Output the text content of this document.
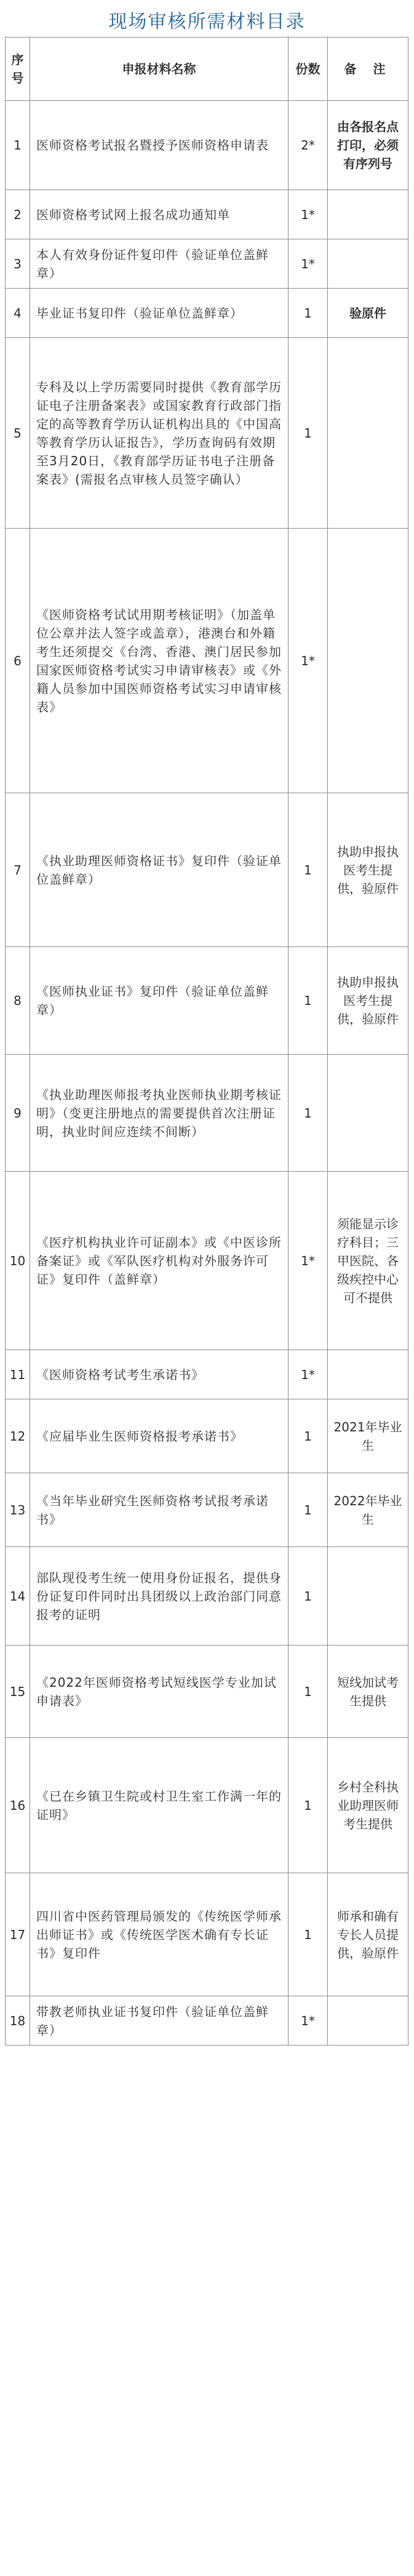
现场审核所需材料目录
序号	申报材料名称	份数	备 注
1	医师资格考试报名暨授予医师资格申请表	2*	由各报名点打印，必须有序列号
2	医师资格考试网上报名成功通知单	1*	
3	本人有效身份证件复印件（验证单位盖鲜章）	1*	
4	毕业证书复印件（验证单位盖鲜章）	1	验原件
5	专科及以上学历需要同时提供《教育部学历证电子注册备案表》或国家教育行政部门指定的高等教育学历认证机构出具的《中国高等教育学历认证报告》，学历查询码有效期至3月20日，《教育部学历证书电子注册备案表》(需报名点审核人员签字确认）	1	
6	《医师资格考试试用期考核证明》（加盖单位公章并法人签字或盖章），港澳台和外籍考生还须提交《台湾、香港、澳门居民参加国家医师资格考试实习申请审核表》或《外籍人员参加中国医师资格考试实习申请审核表》	1*	
7	《执业助理医师资格证书》复印件（验证单位盖鲜章）	1	执助申报执医考生提供，验原件
8	《医师执业证书》复印件（验证单位盖鲜章）	1	执助申报执医考生提供，验原件
9	《执业助理医师报考执业医师执业期考核证明》（变更注册地点的需要提供首次注册证明，执业时间应连续不间断）	1	
10	《医疗机构执业许可证副本》或《中医诊所备案证》或《军队医疗机构对外服务许可证》复印件（盖鲜章）	1*	须能显示诊疗科目；三甲医院、各级疾控中心可不提供
11	《医师资格考试考生承诺书》	1*	
12	《应届毕业生医师资格报考承诺书》	1	2021年毕业生
13	《当年毕业研究生医师资格考试报考承诺书》	1	2022年毕业生
14	部队现役考生统一使用身份证报名，提供身份证复印件同时出具团级以上政治部门同意报考的证明	1	
15	《2022年医师资格考试短线医学专业加试申请表》	1	短线加试考生提供
16	《已在乡镇卫生院或村卫生室工作满一年的证明》	1	乡村全科执业助理医师考生提供
17	四川省中医药管理局颁发的《传统医学师承出师证书》或《传统医学医术确有专长证书》复印件	1	师承和确有专长人员提供，验原件
18	带教老师执业证书复印件（验证单位盖鲜章）	1*	
